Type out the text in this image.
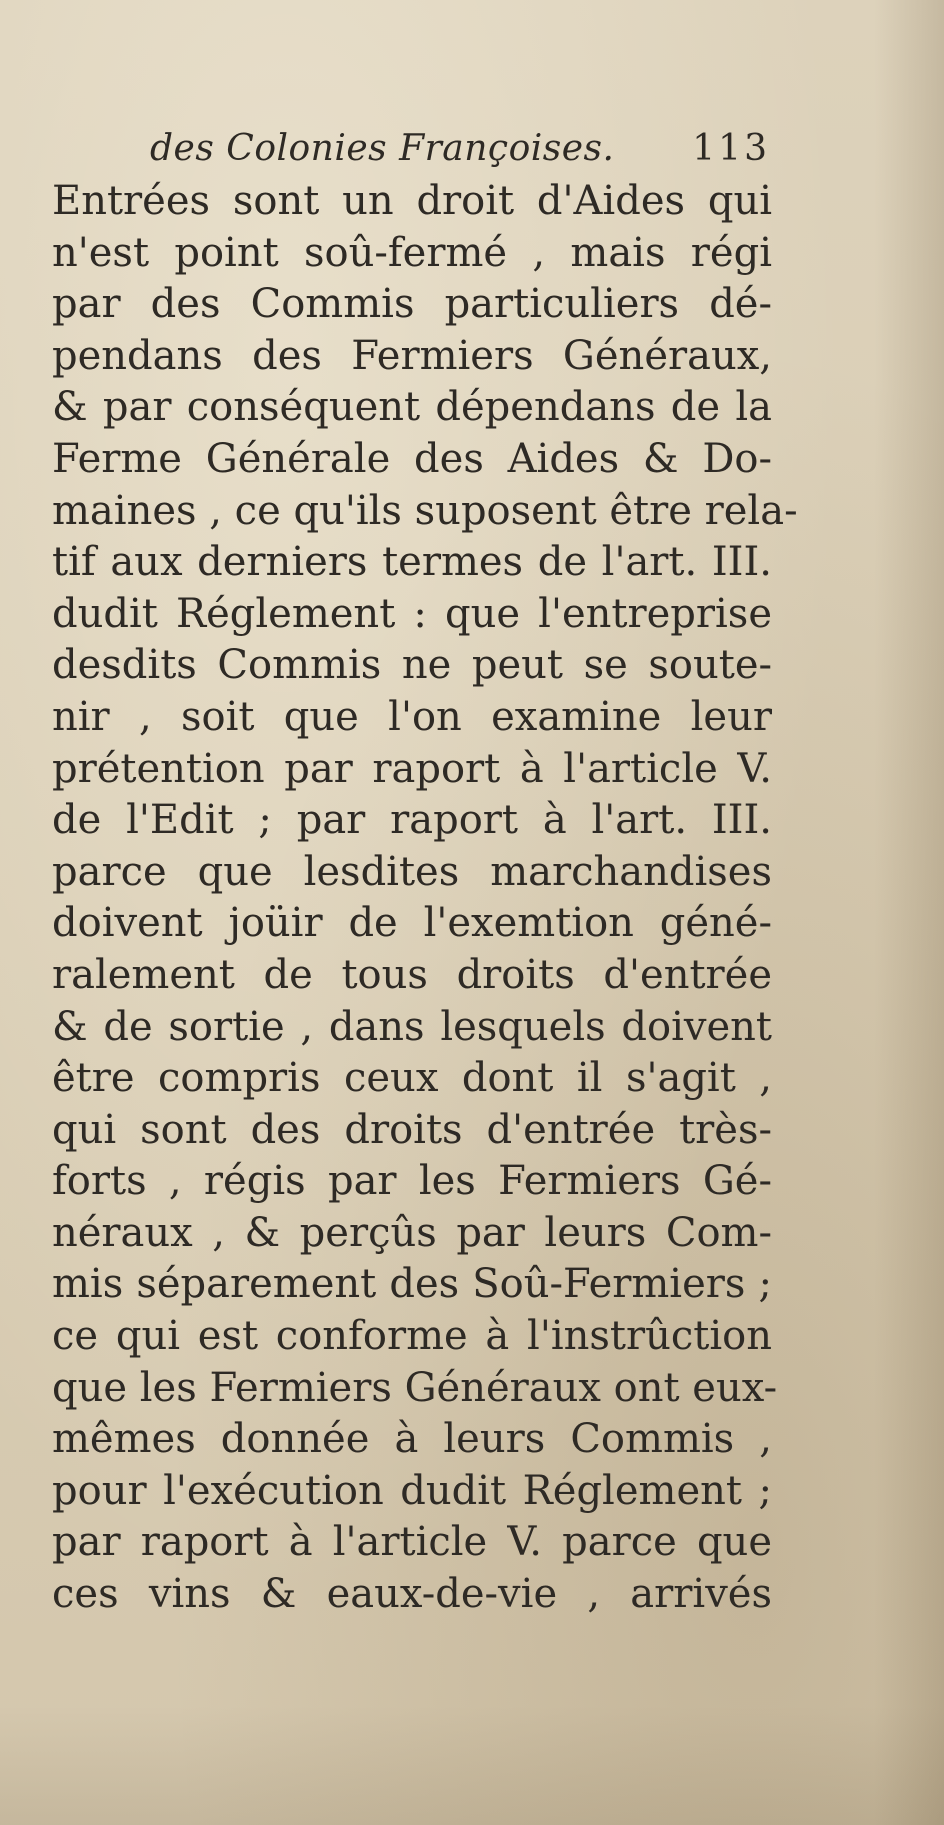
des Colonies Françoises. 113
Entrées sont un droit d'Aides qui
n'est point soû-fermé , mais régi
par des Commis particuliers dé-
pendans des Fermiers Généraux,
& par conséquent dépendans de la
Ferme Générale des Aides & Do-
maines , ce qu'ils suposent être rela-
tif aux derniers termes de l'art. III.
dudit Réglement : que l'entreprise
desdits Commis ne peut se soute-
nir , soit que l'on examine leur
prétention par raport à l'article V.
de l'Edit ; par raport à l'art. III.
parce que lesdites marchandises
doivent joüir de l'exemtion géné-
ralement de tous droits d'entrée
& de sortie , dans lesquels doivent
être compris ceux dont il s'agit ,
qui sont des droits d'entrée très-
forts , régis par les Fermiers Gé-
néraux , & perçûs par leurs Com-
mis séparement des Soû-Fermiers ;
ce qui est conforme à l'instrûction
que les Fermiers Généraux ont eux-
mêmes donnée à leurs Commis ,
pour l'exécution dudit Réglement ;
par raport à l'article V. parce que
ces vins & eaux-de-vie , arrivés
